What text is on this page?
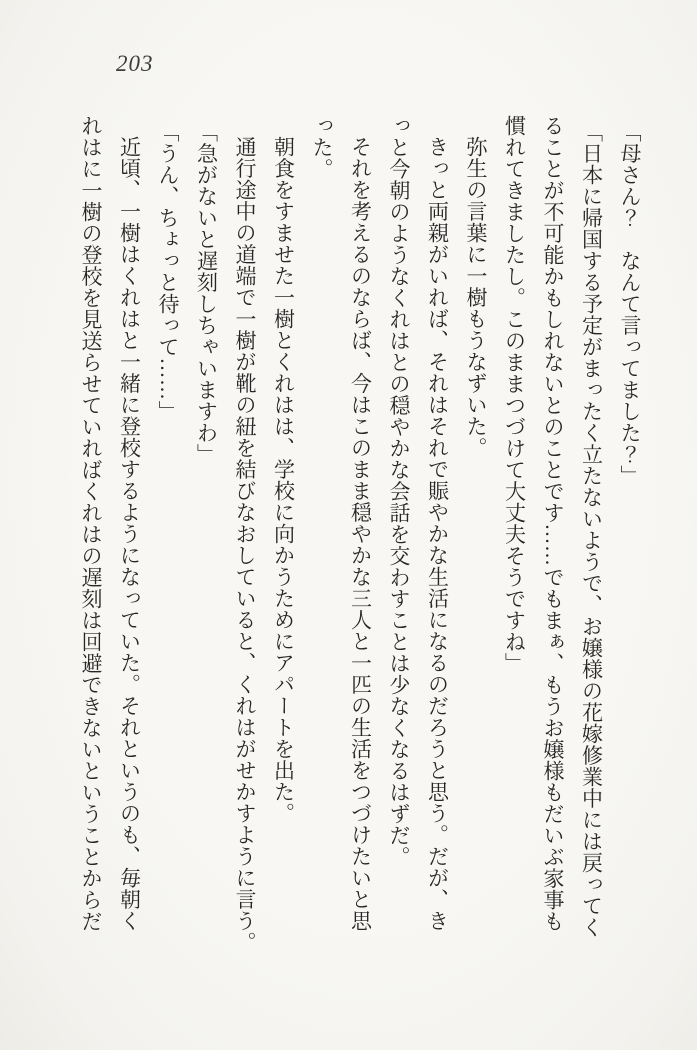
203

「母さん？　なんて言ってました？」

「日本に帰国する予定がまったく立たないようで、お嬢様の花嫁修業中には戻ってく

ることが不可能かもしれないとのことです……でもまぁ、もうお嬢様もだいぶ家事も

慣れてきましたし。このままつづけて大丈夫そうですね」

弥生の言葉に一樹もうなずいた。

きっと両親がいれば、それはそれで賑やかな生活になるのだろうと思う。だが、き

っと今朝のようなくれはとの穏やかな会話を交わすことは少なくなるはずだ。

それを考えるのならば、今はこのまま穏やかな三人と一匹の生活をつづけたいと思

った。

朝食をすませた一樹とくれはは、学校に向かうためにアパートを出た。

通行途中の道端で一樹が靴の紐を結びなおしていると、くれはがせかすように言う。

「急がないと遅刻しちゃいますわ」

「うん、ちょっと待って……」

近頃、一樹はくれはと一緒に登校するようになっていた。それというのも、毎朝く

れはに一樹の登校を見送らせていればくれはの遅刻は回避できないということからだ
